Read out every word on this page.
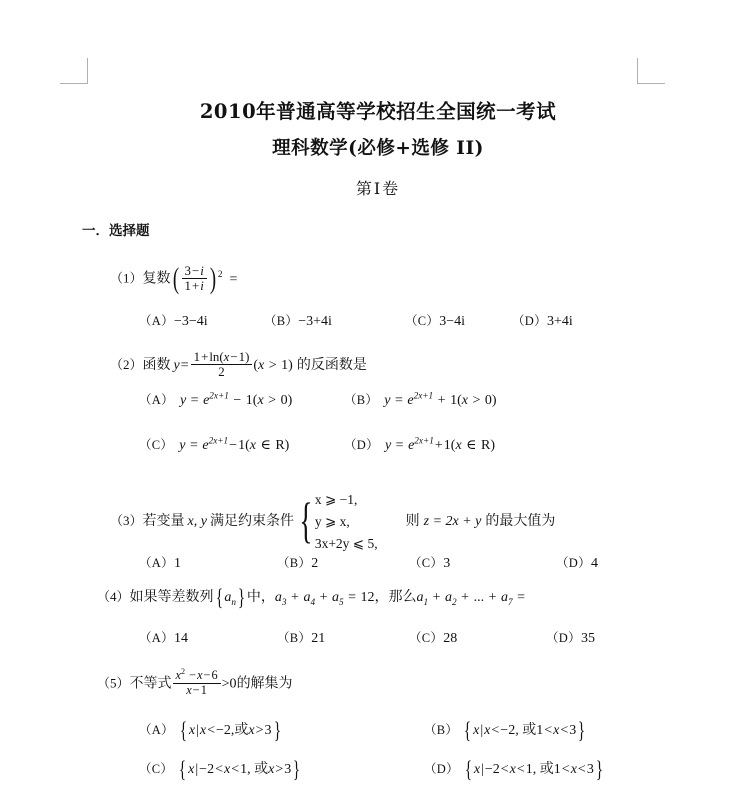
2010年普通高等学校招生全国统一考试
理科数学(必修+选修 II)
第Ⅰ卷
一．选择题
（1）复数( $\frac{3-i}{1+i}$ ) $^2$ =
（A）−3−4i	（B）−3+4i	（C）3−4i	（D）3+4i
（2）函数 $y= \frac{1+\ln(x-1)}{2} (x > 1)$ 的反函数是
（A） $y = e^{2x+1} - 1(x > 0)$	（B） $y = e^{2x+1} + 1(x > 0)$
（C） $y = e^{2x+1}-1(x$ ∈ R)	（D） $y = e^{2x+1}+1(x$ ∈ R)
（3）若变量 x, y 满足约束条件 { x ⩾ −1,
y ⩾ x,
3x+2y ⩽ 5,
则 z = 2x + y 的最大值为
（A）1	（B）2	（C）3	（D）4
（4）如果等差数列{ $a_n$} 中，$a_3 + a_4 + a_5 = 12$，那么$a_1 + a_2$ + ... + $a_7$ =
（A）14	（B）21	（C）28	（D）35
（5）不等式 $\frac{x^2 -x-6}{x-1} >0$的解集为
（A） { x|x<−2,或x>3}	（B） { x|x<−2, 或1<x<3}
（C） { x|−2<x<1, 或x>3}	（D） { x|−2<x<1, 或1<x<3}
